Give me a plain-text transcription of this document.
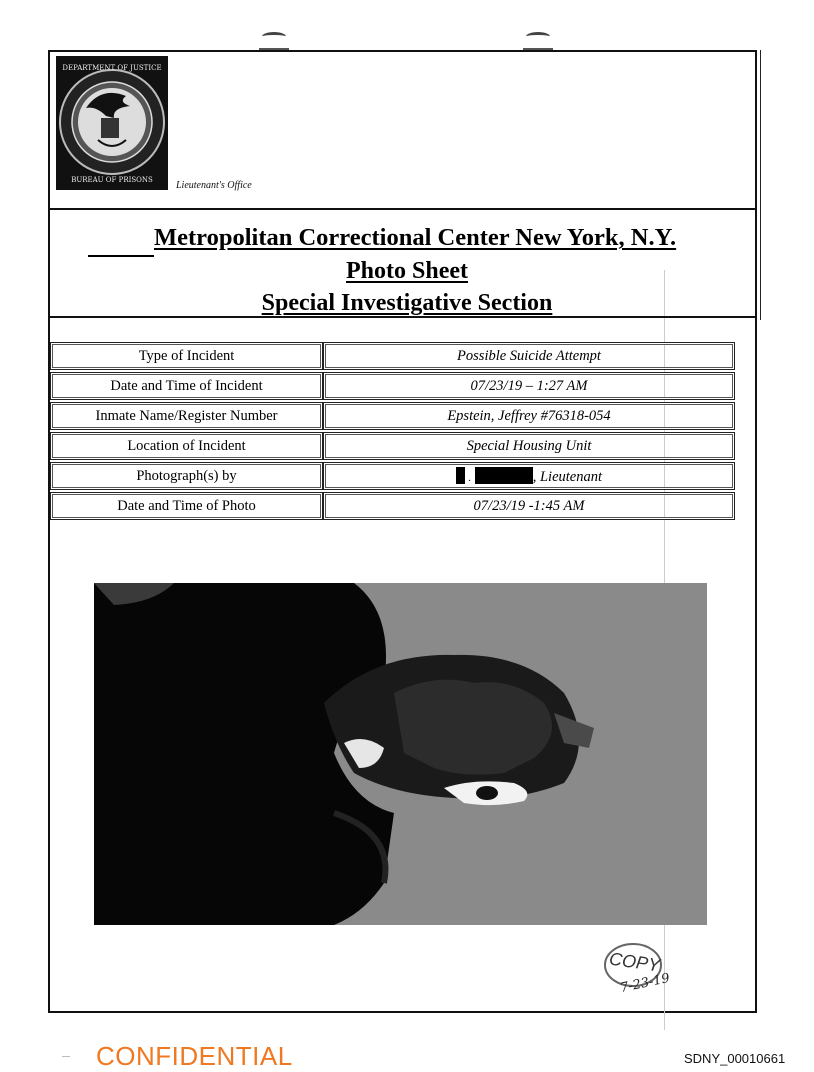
DEPARTMENT OF JUSTICE
BUREAU OF PRISONS Lieutenant's Office
Metropolitan Correctional Center New York, N.Y.
Photo Sheet
Special Investigative Section
Type of Incident	Possible Suicide Attempt
Date and Time of Incident	07/23/19 – 1:27 AM
Inmate Name/Register Number	Epstein, Jeffrey #76318-054
Location of Incident	Special Housing Unit
Photograph(s) by	. , Lieutenant
Date and Time of Photo	07/23/19 -1:45 AM
COPY
7-23-19
CONFIDENTIAL	SDNY_00010661
